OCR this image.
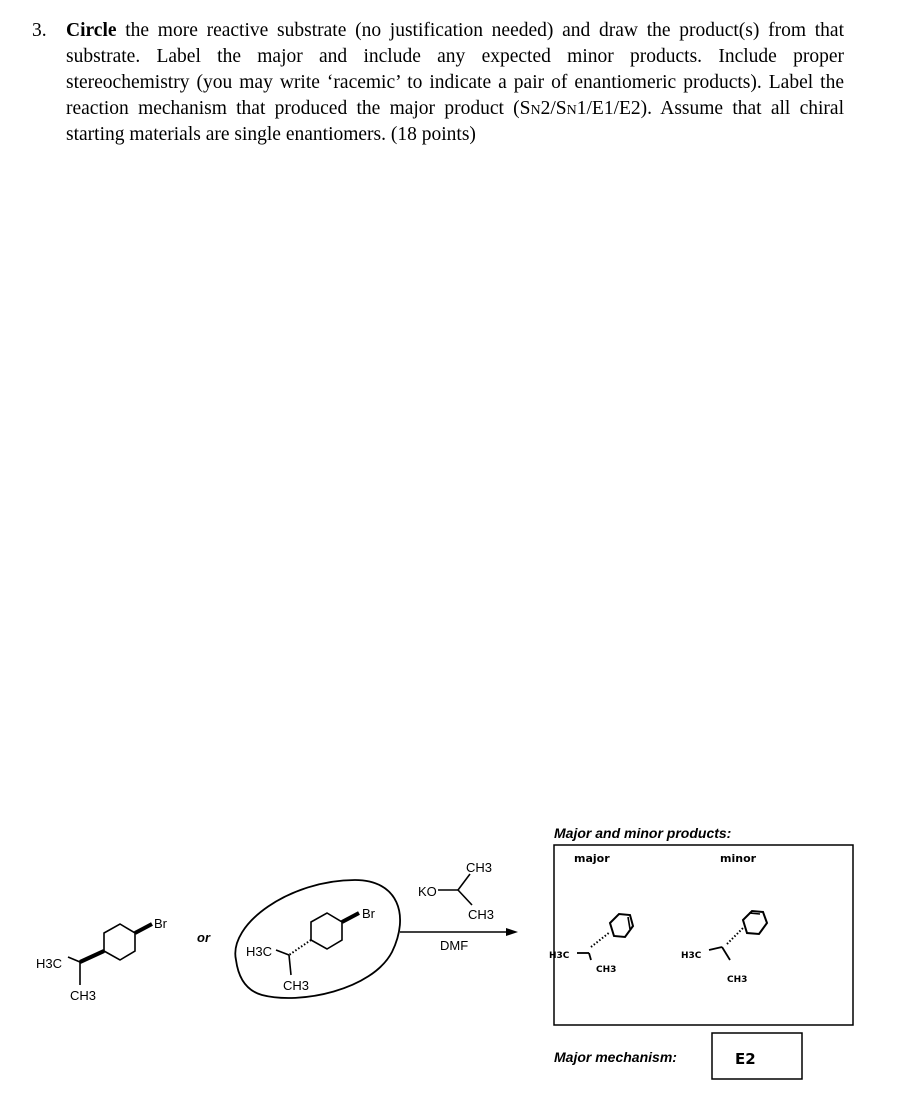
3. Circle the more reactive substrate (no justification needed) and draw the product(s) from that substrate. Label the major and include any expected minor products. Include proper stereochemistry (you may write ‘racemic’ to indicate a pair of enantiomeric products). Label the reaction mechanism that produced the major product (Sn2/Sn1/E1/E2). Assume that all chiral starting materials are single enantiomers. (18 points)
Br
H3C
CH3
or
Br
H3C
CH3
KO
CH3
CH3
DMF
Major and minor products:
major	minor
H3C
CH3
H3C
CH3
Major mechanism:	E2
